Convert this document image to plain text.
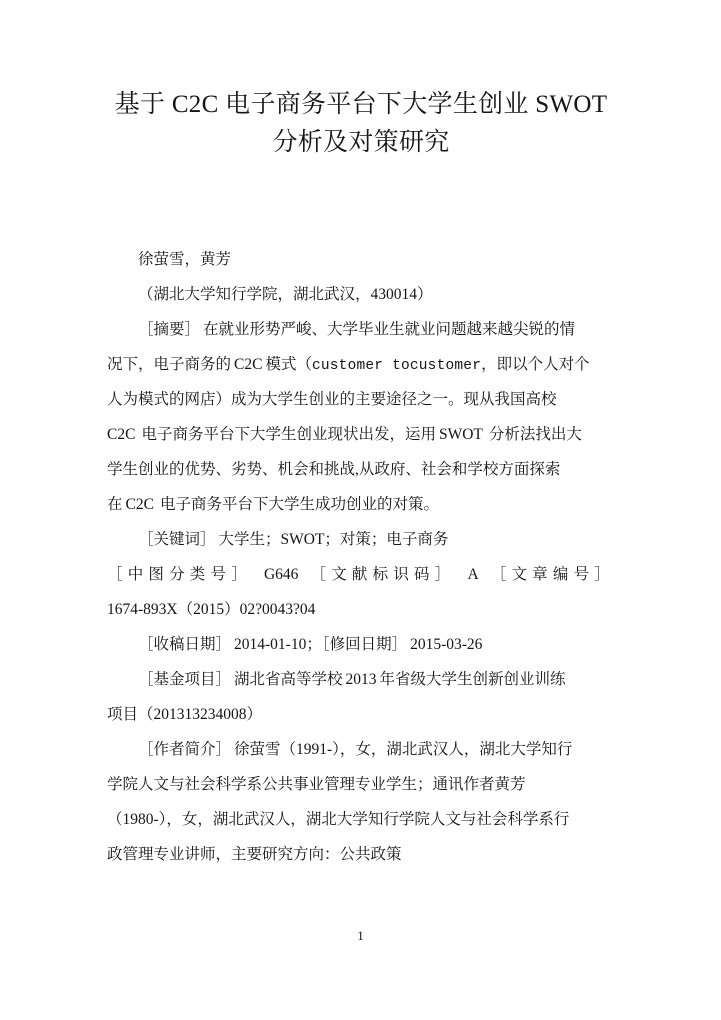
基于 C2C 电子商务平台下大学生创业 SWOT
分析及对策研究
徐萤雪，黄芳
（湖北大学知行学院，湖北武汉，430014）
［摘要］ 在就业形势严峻、大学毕业生就业问题越来越尖锐的情
况下，电子商务的 C2C 模式（customer tocustomer，即以个人对个
人为模式的网店）成为大学生创业的主要途径之一。现从我国高校
C2C 电子商务平台下大学生创业现状出发，运用 SWOT 分析法找出大
学生创业的优势、劣势、机会和挑战,从政府、社会和学校方面探索
在 C2C 电子商务平台下大学生成功创业的对策。
［关键词］ 大学生；SWOT；对策；电子商务
［中图分类号］ G646 ［文献标识码］ A ［文章编号］
1674-893X（2015）02?0043?04
［收稿日期］ 2014-01-10；［修回日期］ 2015-03-26
［基金项目］ 湖北省高等学校 2013 年省级大学生创新创业训练
项目（201313234008）
［作者简介］ 徐萤雪（1991-），女，湖北武汉人，湖北大学知行
学院人文与社会科学系公共事业管理专业学生；通讯作者黄芳
（1980-），女，湖北武汉人，湖北大学知行学院人文与社会科学系行
政管理专业讲师，主要研究方向：公共政策
1
